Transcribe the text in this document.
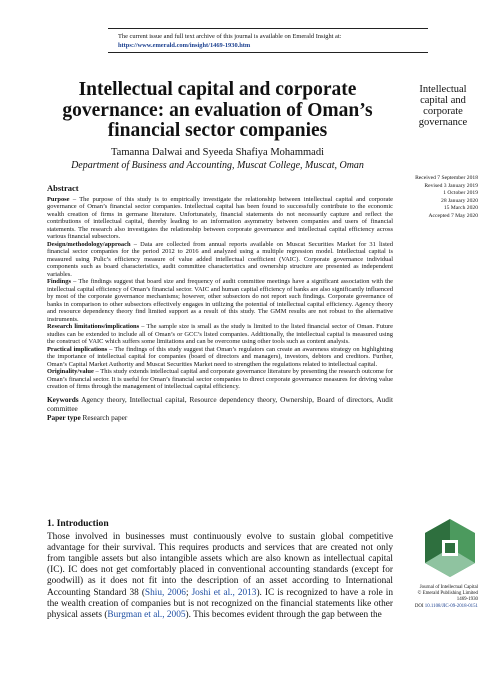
The current issue and full text archive of this journal is available on Emerald Insight at:
https://www.emerald.com/insight/1469-1930.htm
Intellectual capital and corporate governance: an evaluation of Oman’s financial sector companies
Tamanna Dalwai and Syeeda Shafiya Mohammadi
Department of Business and Accounting, Muscat College, Muscat, Oman
Intellectual capital and corporate governance
Received 7 September 2018
Revised 3 January 2019
1 October 2019
28 January 2020
15 March 2020
Accepted 7 May 2020
Abstract

Purpose – The purpose of this study is to empirically investigate the relationship between intellectual capital and corporate governance of Oman’s financial sector companies. Intellectual capital has been found to successfully contribute to the economic wealth creation of firms in germane literature. Unfortunately, financial statements do not necessarily capture and reflect the contributions of intellectual capital, thereby leading to an information asymmetry between companies and users of financial statements. The research also investigates the relationship between corporate governance and intellectual capital efficiency across various financial subsectors.

Design/methodology/approach – Data are collected from annual reports available on Muscat Securities Market for 31 listed financial sector companies for the period 2012 to 2016 and analyzed using a multiple regression model. Intellectual capital is measured using Pulic’s efficiency measure of value added intellectual coefficient (VAIC). Corporate governance individual components such as board characteristics, audit committee characteristics and ownership structure are presented as independent variables.

Findings – The findings suggest that board size and frequency of audit committee meetings have a significant association with the intellectual capital efficiency of Oman’s financial sector. VAIC and human capital efficiency of banks are also significantly influenced by most of the corporate governance mechanisms; however, other subsectors do not report such findings. Corporate governance of banks in comparison to other subsectors effectively engages in utilizing the potential of intellectual capital efficiency. Agency theory and resource dependency theory find limited support as a result of this study. The GMM results are not robust to the alternative instruments.

Research limitations/implications – The sample size is small as the study is limited to the listed financial sector of Oman. Future studies can be extended to include all of Oman’s or GCC’s listed companies. Additionally, the intellectual capital is measured using the construct of VAIC which suffers some limitations and can be overcome using other tools such as content analysis.

Practical implications – The findings of this study suggest that Oman’s regulators can create an awareness strategy on highlighting the importance of intellectual capital for companies (board of directors and managers), investors, debtors and creditors. Further, Oman’s Capital Market Authority and Muscat Securities Market need to strengthen the regulations related to intellectual capital.

Originality/value – This study extends intellectual capital and corporate governance literature by presenting the research outcome for Oman’s financial sector. It is useful for Oman’s financial sector companies to direct corporate governance measures for driving value creation of firms through the management of intellectual capital efficiency.

Keywords Agency theory, Intellectual capital, Resource dependency theory, Ownership, Board of directors, Audit committee

Paper type Research paper

1. Introduction

Those involved in businesses must continuously evolve to sustain global competitive advantage for their survival. This requires products and services that are created not only from tangible assets but also intangible assets which are also known as intellectual capital (IC). IC does not get comfortably placed in conventional accounting standards (except for goodwill) as it does not fit into the description of an asset according to International Accounting Standard 38 (Shiu, 2006; Joshi et al., 2013). IC is recognized to have a role in the wealth creation of companies but is not recognized on the financial statements like other physical assets (Burgman et al., 2005). This becomes evident through the gap between the

Journal of Intellectual Capital
© Emerald Publishing Limited
1469-1930
DOI 10.1108/JIC-09-2018-0151
